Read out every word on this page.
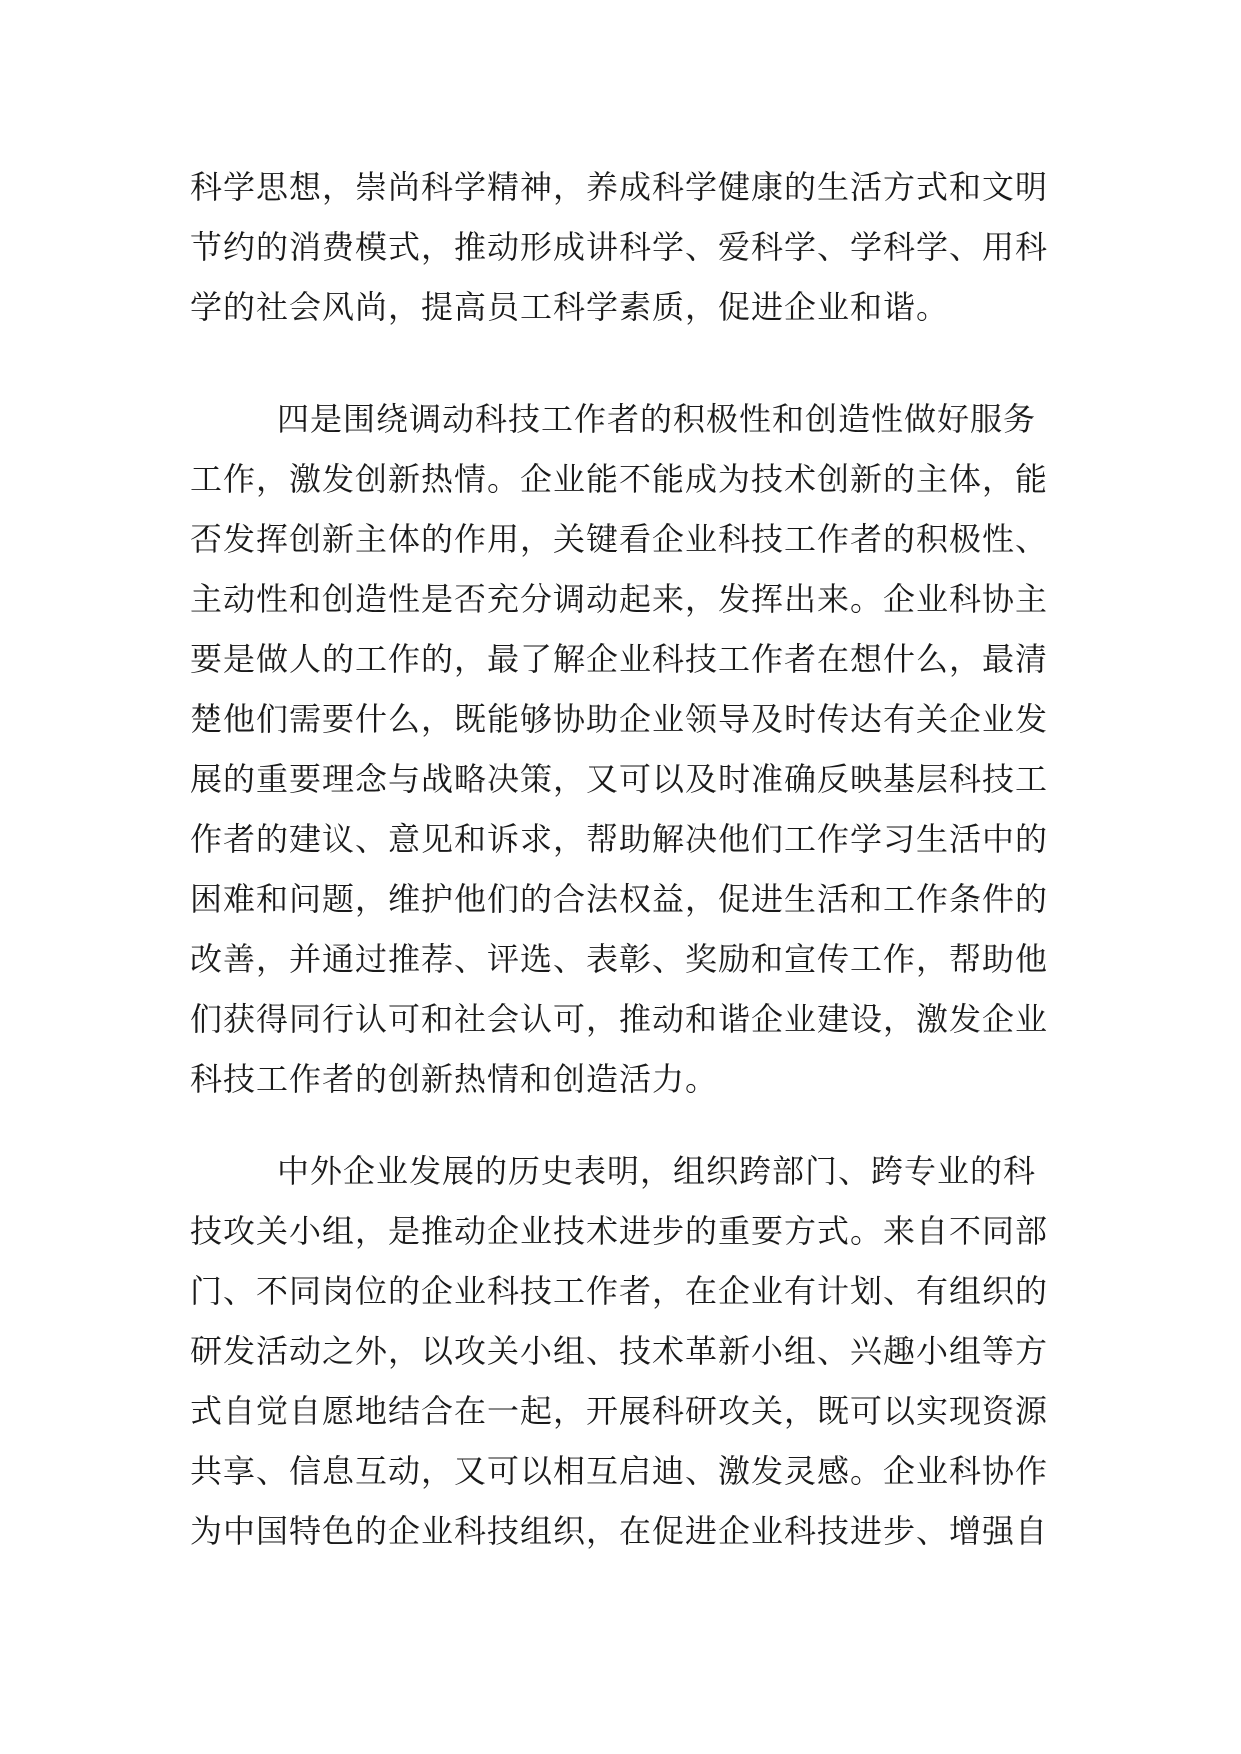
科学思想，崇尚科学精神，养成科学健康的生活方式和文明
节约的消费模式，推动形成讲科学、爱科学、学科学、用科
学的社会风尚，提高员工科学素质，促进企业和谐。
四是围绕调动科技工作者的积极性和创造性做好服务
工作，激发创新热情。企业能不能成为技术创新的主体，能
否发挥创新主体的作用，关键看企业科技工作者的积极性、
主动性和创造性是否充分调动起来，发挥出来。企业科协主
要是做人的工作的，最了解企业科技工作者在想什么，最清
楚他们需要什么，既能够协助企业领导及时传达有关企业发
展的重要理念与战略决策，又可以及时准确反映基层科技工
作者的建议、意见和诉求，帮助解决他们工作学习生活中的
困难和问题，维护他们的合法权益，促进生活和工作条件的
改善，并通过推荐、评选、表彰、奖励和宣传工作，帮助他
们获得同行认可和社会认可，推动和谐企业建设，激发企业
科技工作者的创新热情和创造活力。
中外企业发展的历史表明，组织跨部门、跨专业的科
技攻关小组，是推动企业技术进步的重要方式。来自不同部
门、不同岗位的企业科技工作者，在企业有计划、有组织的
研发活动之外，以攻关小组、技术革新小组、兴趣小组等方
式自觉自愿地结合在一起，开展科研攻关，既可以实现资源
共享、信息互动，又可以相互启迪、激发灵感。企业科协作
为中国特色的企业科技组织，在促进企业科技进步、增强自
